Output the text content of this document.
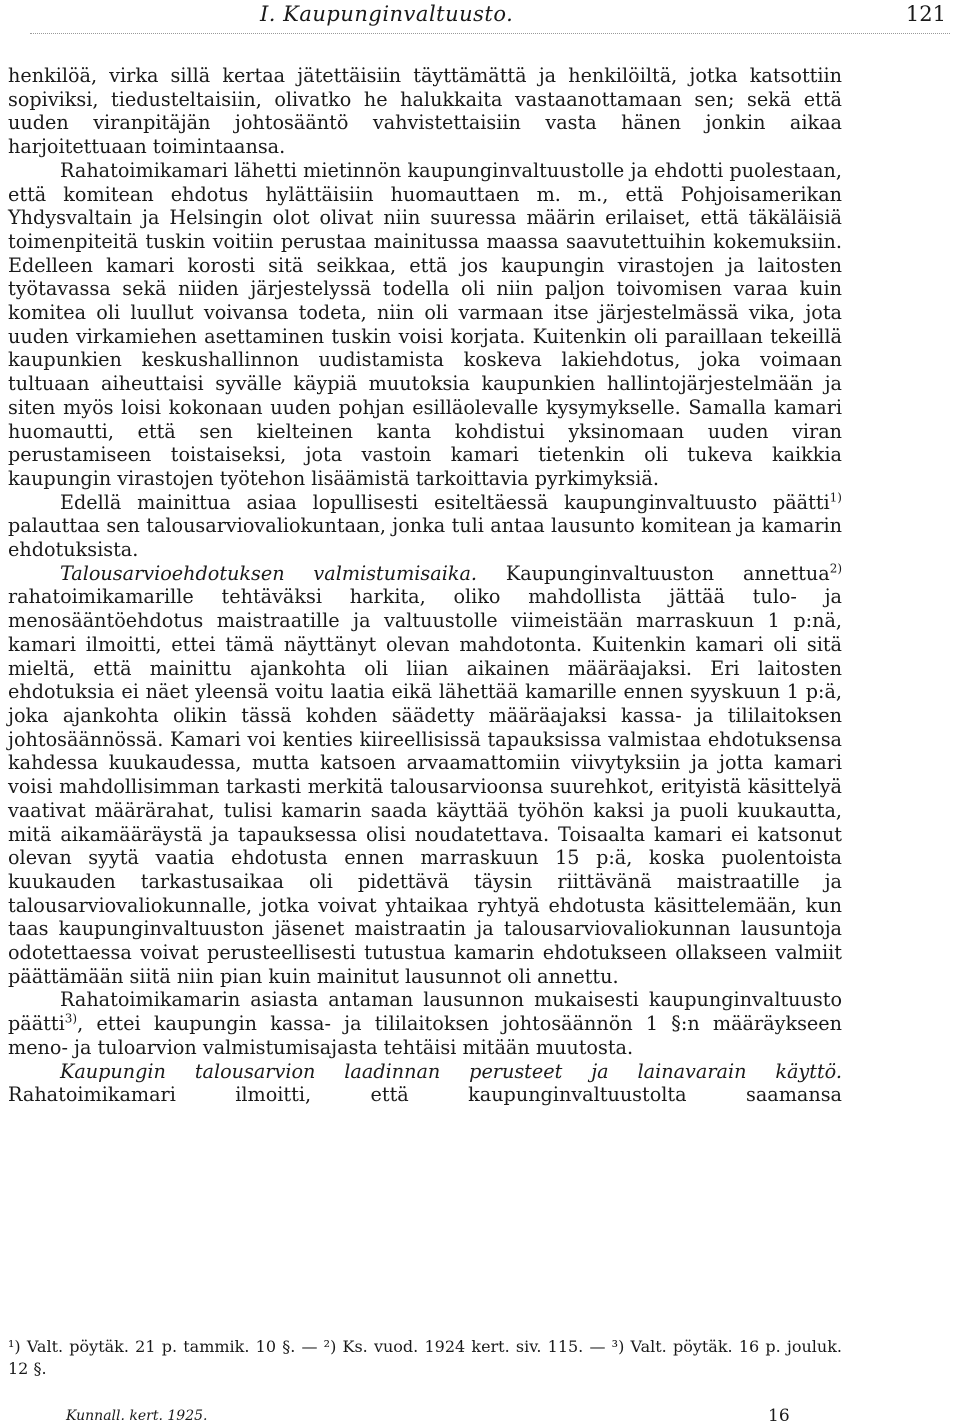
I. Kaupunginvaltuusto.	121

henkilöä, virka sillä kertaa jätettäisiin täyttämättä ja henkilöiltä, jotka katsottiin sopiviksi, tiedusteltaisiin, olivatko he halukkaita vastaanottamaan sen; sekä että uuden viranpitäjän johtosääntö vahvistettaisiin vasta hänen jonkin aikaa harjoitettuaan toimintaansa.

Rahatoimikamari lähetti mietinnön kaupunginvaltuustolle ja ehdotti puolestaan, että komitean ehdotus hylättäisiin huomauttaen m. m., että Pohjoisamerikan Yhdysvaltain ja Helsingin olot olivat niin suuressa määrin erilaiset, että täkäläisiä toimenpiteitä tuskin voitiin perustaa mainitussa maassa saavutettuihin kokemuksiin. Edelleen kamari korosti sitä seikkaa, että jos kaupungin virastojen ja laitosten työtavassa sekä niiden järjestelyssä todella oli niin paljon toivomisen varaa kuin komitea oli luullut voivansa todeta, niin oli varmaan itse järjestelmässä vika, jota uuden virkamiehen asettaminen tuskin voisi korjata. Kuitenkin oli paraillaan tekeillä kaupunkien keskushallinnon uudistamista koskeva lakiehdotus, joka voimaan tultuaan aiheuttaisi syvälle käypiä muutoksia kaupunkien hallintojärjestelmään ja siten myös loisi kokonaan uuden pohjan esilläolevalle kysymykselle. Samalla kamari huomautti, että sen kielteinen kanta kohdistui yksinomaan uuden viran perustamiseen toistaiseksi, jota vastoin kamari tietenkin oli tukeva kaikkia kaupungin virastojen työtehon lisäämistä tarkoittavia pyrkimyksiä.

Edellä mainittua asiaa lopullisesti esiteltäessä kaupunginvaltuusto päätti$^{1)}$ palauttaa sen talousarviovaliokuntaan, jonka tuli antaa lausunto komitean ja kamarin ehdotuksista.

Talousarvioehdotuksen valmistumisaika. Kaupunginvaltuuston annettua$^{2)}$ rahatoimikamarille tehtäväksi harkita, oliko mahdollista jättää tulo- ja menosääntöehdotus maistraatille ja valtuustolle viimeistään marraskuun 1 p:nä, kamari ilmoitti, ettei tämä näyttänyt olevan mahdotonta. Kuitenkin kamari oli sitä mieltä, että mainittu ajankohta oli liian aikainen määräajaksi. Eri laitosten ehdotuksia ei näet yleensä voitu laatia eikä lähettää kamarille ennen syyskuun 1 p:ä, joka ajankohta olikin tässä kohden säädetty määräajaksi kassa- ja tililaitoksen johtosäännössä. Kamari voi kenties kiireellisissä tapauksissa valmistaa ehdotuksensa kahdessa kuukaudessa, mutta katsoen arvaamattomiin viivytyksiin ja jotta kamari voisi mahdollisimman tarkasti merkitä talousarvioonsa suurehkot, erityistä käsittelyä vaativat määrärahat, tulisi kamarin saada käyttää työhön kaksi ja puoli kuukautta, mitä aikamääräystä ja tapauksessa olisi noudatettava. Toisaalta kamari ei katsonut olevan syytä vaatia ehdotusta ennen marraskuun 15 p:ä, koska puolentoista kuukauden tarkastusaikaa oli pidettävä täysin riittävänä maistraatille ja talousarviovaliokunnalle, jotka voivat yhtaikaa ryhtyä ehdotusta käsittelemään, kun taas kaupunginvaltuuston jäsenet maistraatin ja talousarviovaliokunnan lausuntoja odotettaessa voivat perusteellisesti tutustua kamarin ehdotukseen ollakseen valmiit päättämään siitä niin pian kuin mainitut lausunnot oli annettu.

Rahatoimikamarin asiasta antaman lausunnon mukaisesti kaupunginvaltuusto päätti$^{3)}$, ettei kaupungin kassa- ja tililaitoksen johtosäännön 1 §:n määräykseen meno- ja tuloarvion valmistumisajasta tehtäisi mitään muutosta.

Kaupungin talousarvion laadinnan perusteet ja lainavarain käyttö. Rahatoimikamari ilmoitti, että kaupunginvaltuustolta saamansa

¹) Valt. pöytäk. 21 p. tammik. 10 §. — ²) Ks. vuod. 1924 kert. siv. 115. — ³) Valt. pöytäk. 16 p. jouluk. 12 §.

Kunnall. kert. 1925.	16
